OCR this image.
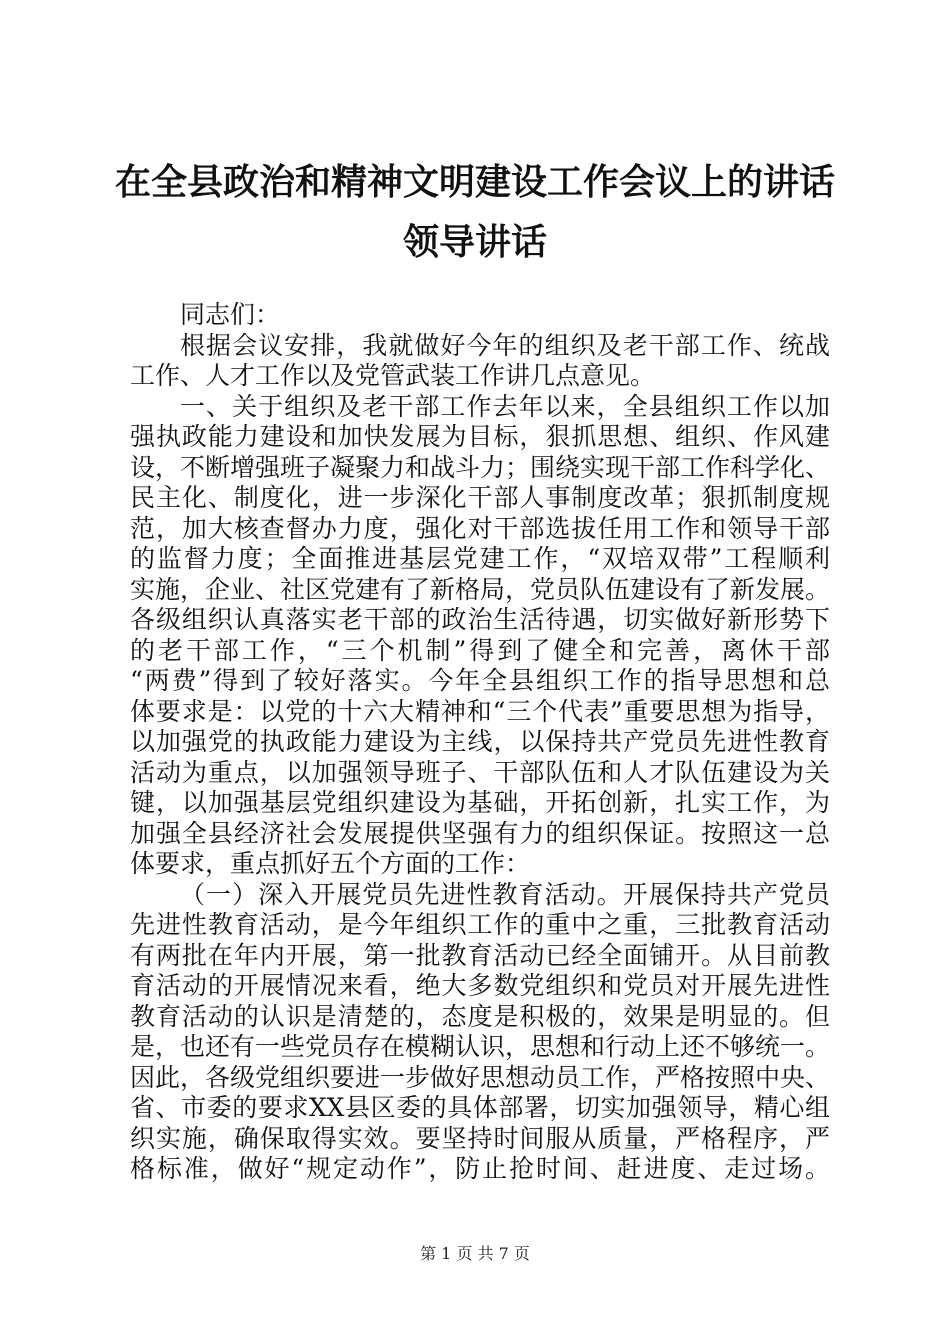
在全县政治和精神文明建设工作会议上的讲话
领导讲话
同志们：
根据会议安排，我就做好今年的组织及老干部工作、统战
工作、人才工作以及党管武装工作讲几点意见。
一、关于组织及老干部工作去年以来，全县组织工作以加
强执政能力建设和加快发展为目标，狠抓思想、组织、作风建
设，不断增强班子凝聚力和战斗力；围绕实现干部工作科学化、
民主化、制度化，进一步深化干部人事制度改革；狠抓制度规
范，加大核查督办力度，强化对干部选拔任用工作和领导干部
的监督力度；全面推进基层党建工作，“双培双带”工程顺利
实施，企业、社区党建有了新格局，党员队伍建设有了新发展。
各级组织认真落实老干部的政治生活待遇，切实做好新形势下
的老干部工作，“三个机制”得到了健全和完善，离休干部
“两费”得到了较好落实。今年全县组织工作的指导思想和总
体要求是：以党的十六大精神和“三个代表”重要思想为指导，
以加强党的执政能力建设为主线，以保持共产党员先进性教育
活动为重点，以加强领导班子、干部队伍和人才队伍建设为关
键，以加强基层党组织建设为基础，开拓创新，扎实工作，为
加强全县经济社会发展提供坚强有力的组织保证。按照这一总
体要求，重点抓好五个方面的工作：
（一）深入开展党员先进性教育活动。开展保持共产党员
先进性教育活动，是今年组织工作的重中之重，三批教育活动
有两批在年内开展，第一批教育活动已经全面铺开。从目前教
育活动的开展情况来看，绝大多数党组织和党员对开展先进性
教育活动的认识是清楚的，态度是积极的，效果是明显的。但
是，也还有一些党员存在模糊认识，思想和行动上还不够统一。
因此，各级党组织要进一步做好思想动员工作，严格按照中央、
省、市委的要求XX县区委的具体部署，切实加强领导，精心组
织实施，确保取得实效。要坚持时间服从质量，严格程序，严
格标准，做好“规定动作”，防止抢时间、赶进度、走过场。
第 1 页 共 7 页
